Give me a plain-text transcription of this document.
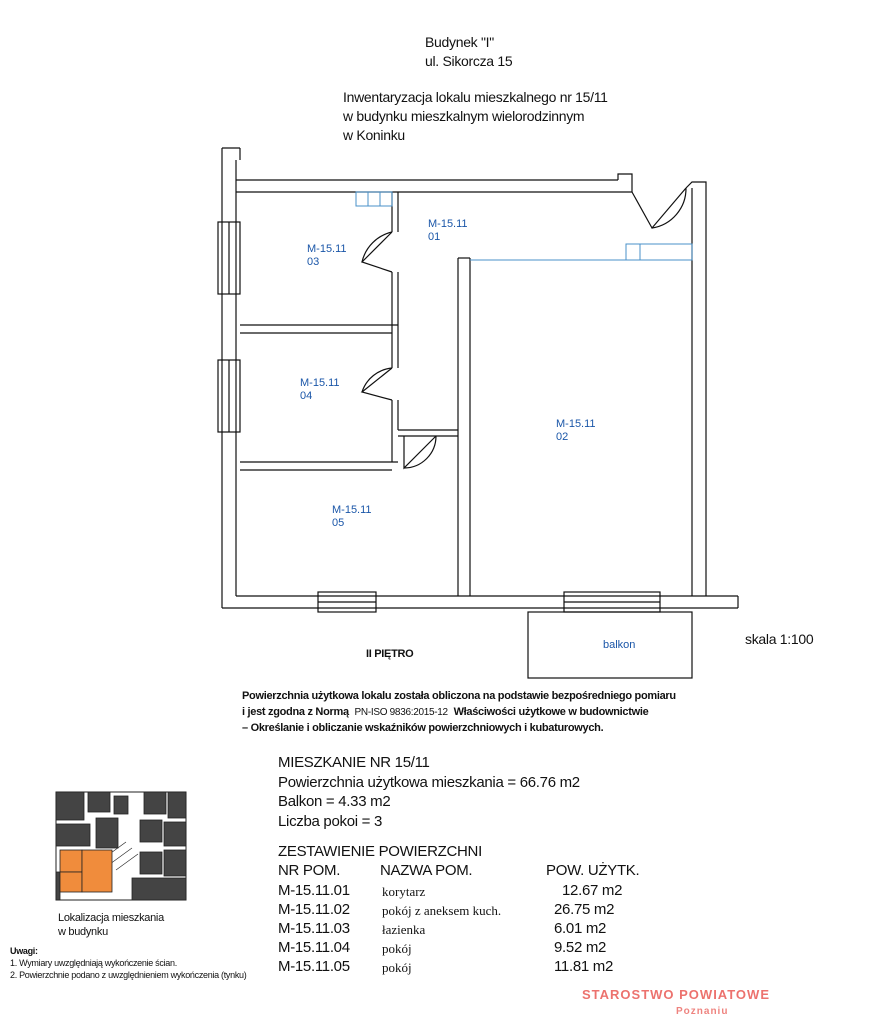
Budynek "I"
ul. Sikorcza 15
Inwentaryzacja lokalu mieszkalnego nr 15/11
w budynku mieszkalnym wielorodzinnym
w Koninku
M-15.11
01
M-15.11
02
M-15.11
03
M-15.11
04
M-15.11
05
balkon
II PIĘTRO
skala 1:100
Powierzchnia użytkowa lokalu została obliczona na podstawie bezpośredniego pomiaru
i jest zgodna z Normą PN-ISO 9836:2015-12 Właściwości użytkowe w budownictwie
– Określanie i obliczanie wskaźników powierzchniowych i kubaturowych.
MIESZKANIE NR 15/11
Powierzchnia użytkowa mieszkania = 66.76 m2
Balkon = 4.33 m2
Liczba pokoi = 3
ZESTAWIENIE POWIERZCHNI
NR POM.	NAZWA POM.	POW. UŻYTK.
M-15.11.01 korytarz	12.67 m2
M-15.11.02 pokój z aneksem kuch.	26.75 m2
M-15.11.03 łazienka	6.01 m2
M-15.11.04 pokój	9.52 m2
M-15.11.05 pokój	11.81 m2
Lokalizacja mieszkania
w budynku
Uwagi:
1. Wymiary uwzględniają wykończenie ścian.
2. Powierzchnie podano z uwzględnieniem wykończenia (tynku)
STAROSTWO POWIATOWE
Poznaniu
